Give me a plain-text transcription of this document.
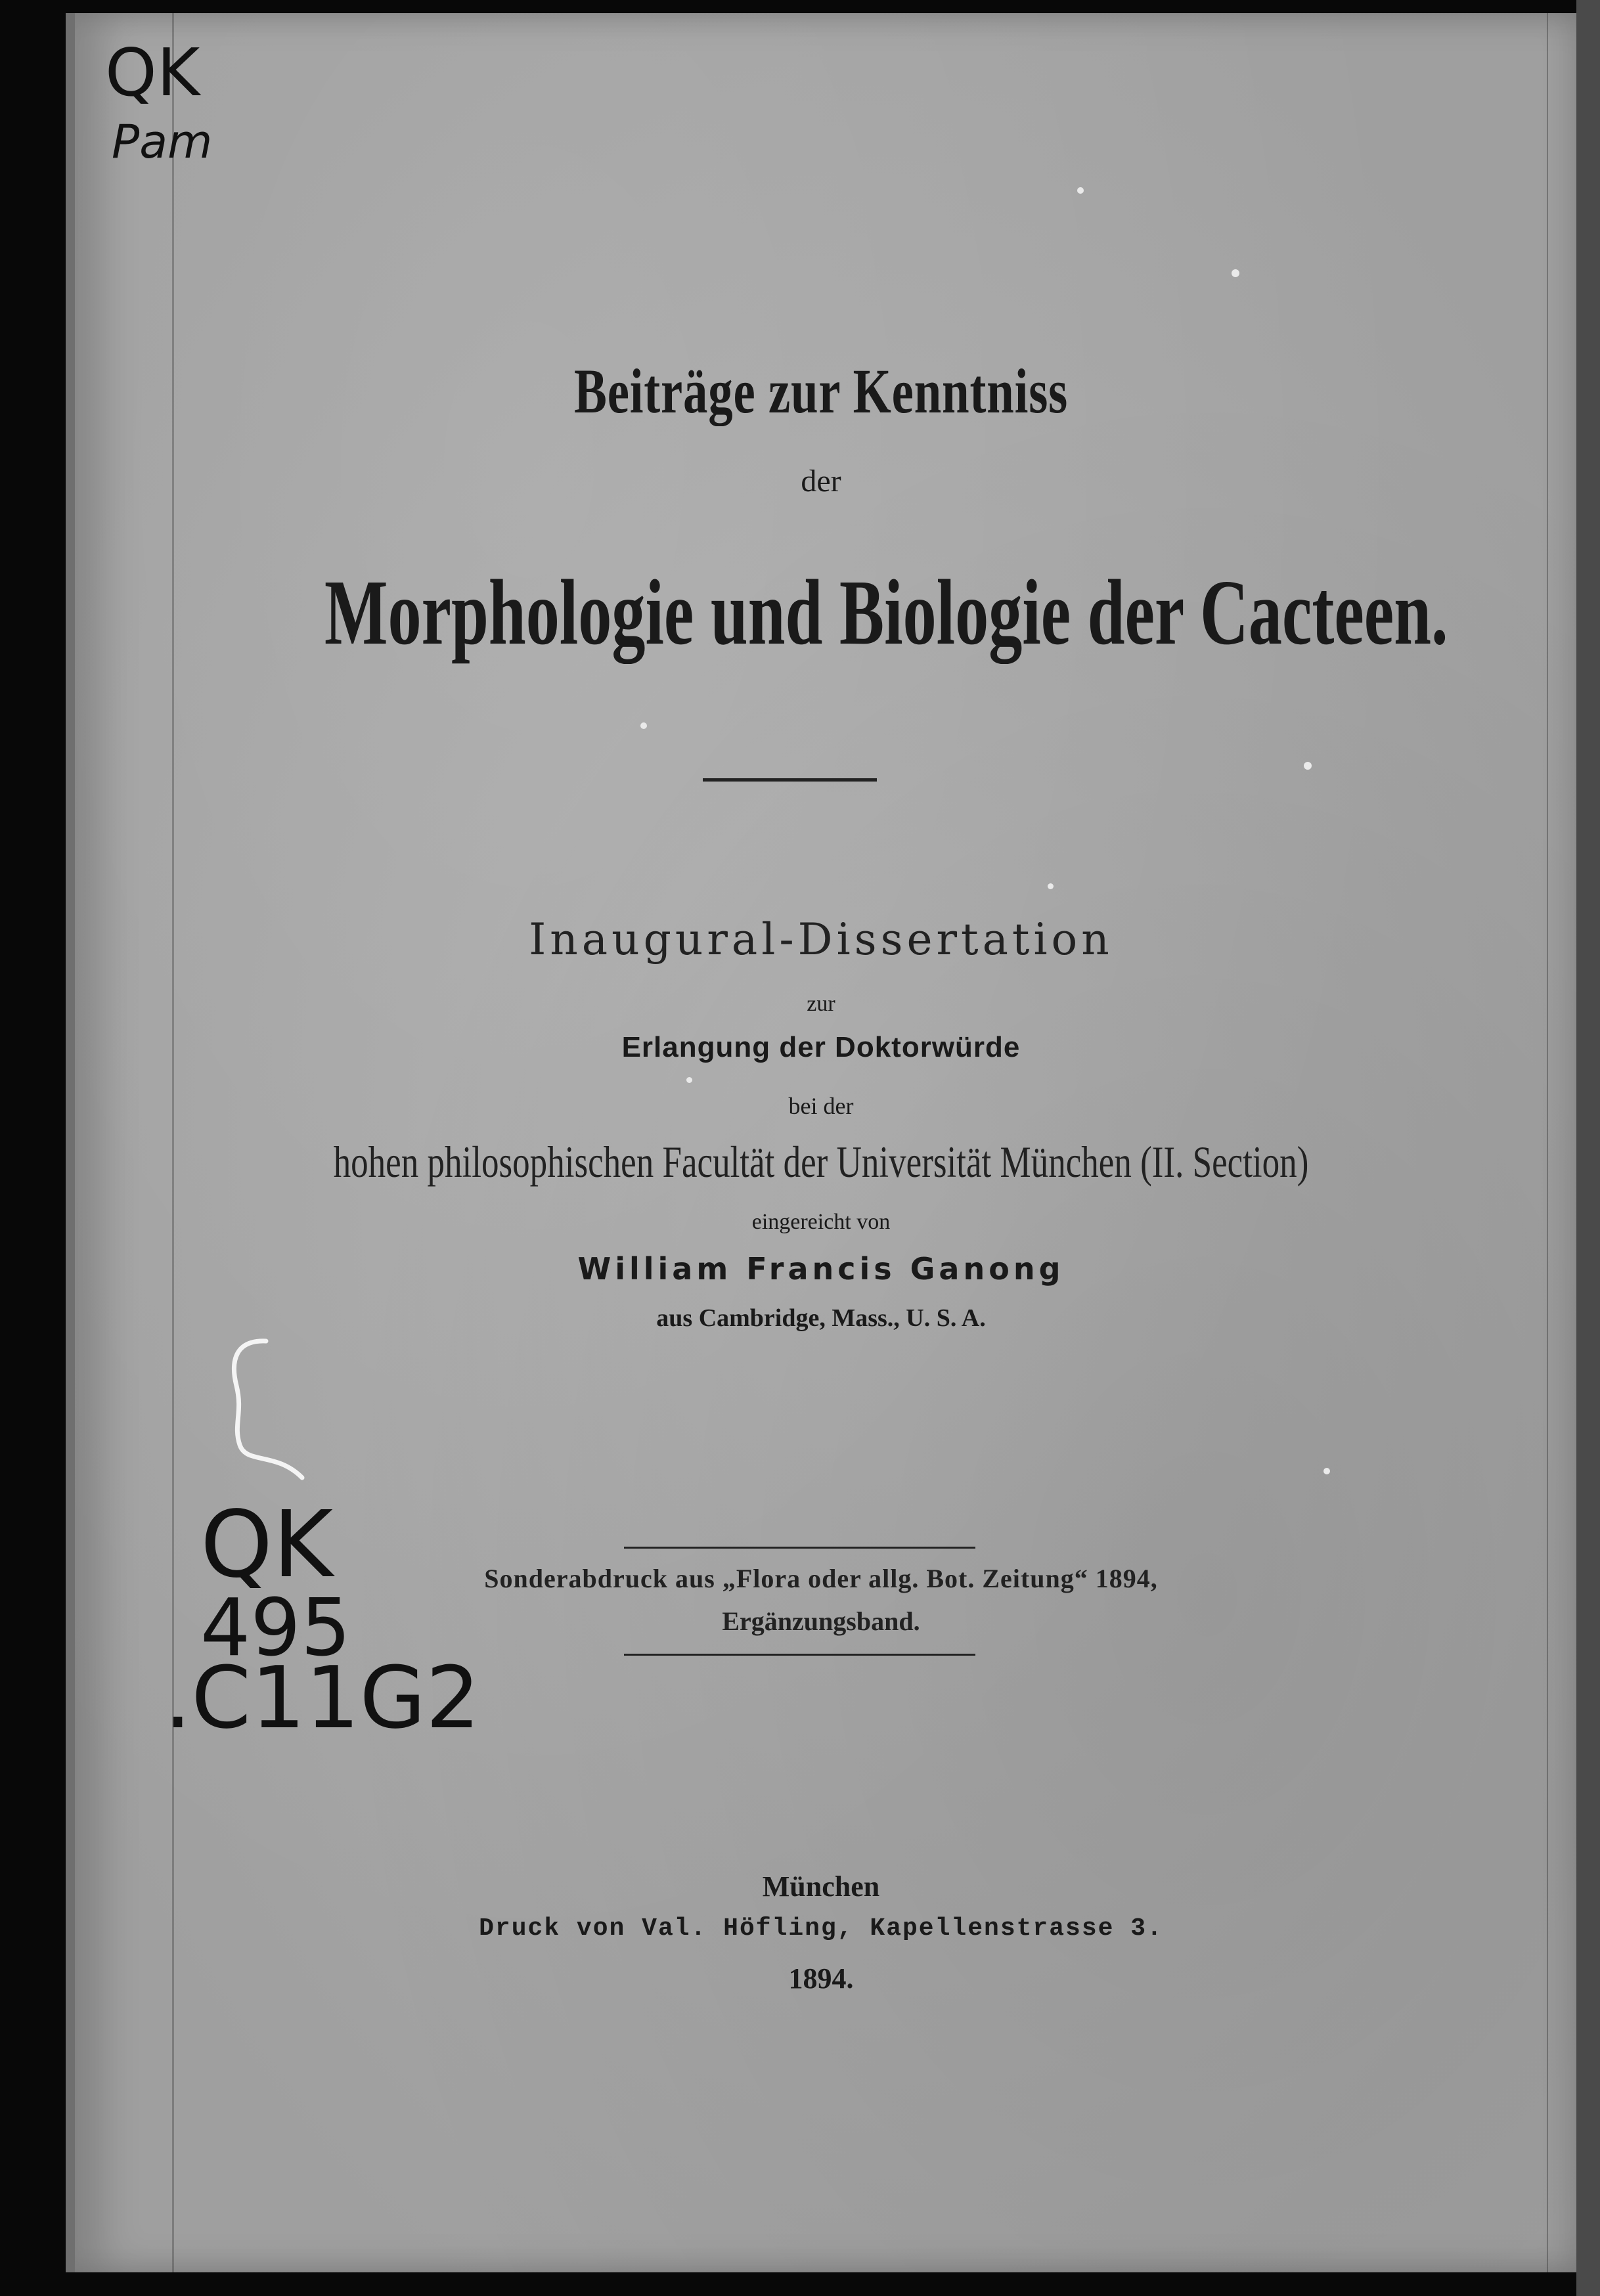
Beiträge zur Kenntniss
der
Morphologie und Biologie der Cacteen.
Inaugural-Dissertation
zur
Erlangung der Doktorwürde
bei der
hohen philosophischen Facultät der Universität München (II. Section)
eingereicht von
William Francis Ganong
aus Cambridge, Mass., U. S. A.
Sonderabdruck aus „Flora oder allg. Bot. Zeitung“ 1894,
Ergänzungsband.
München
Druck von Val. Höfling, Kapellenstrasse 3.
1894.
QK
Pam
QK
495
.C11G2
